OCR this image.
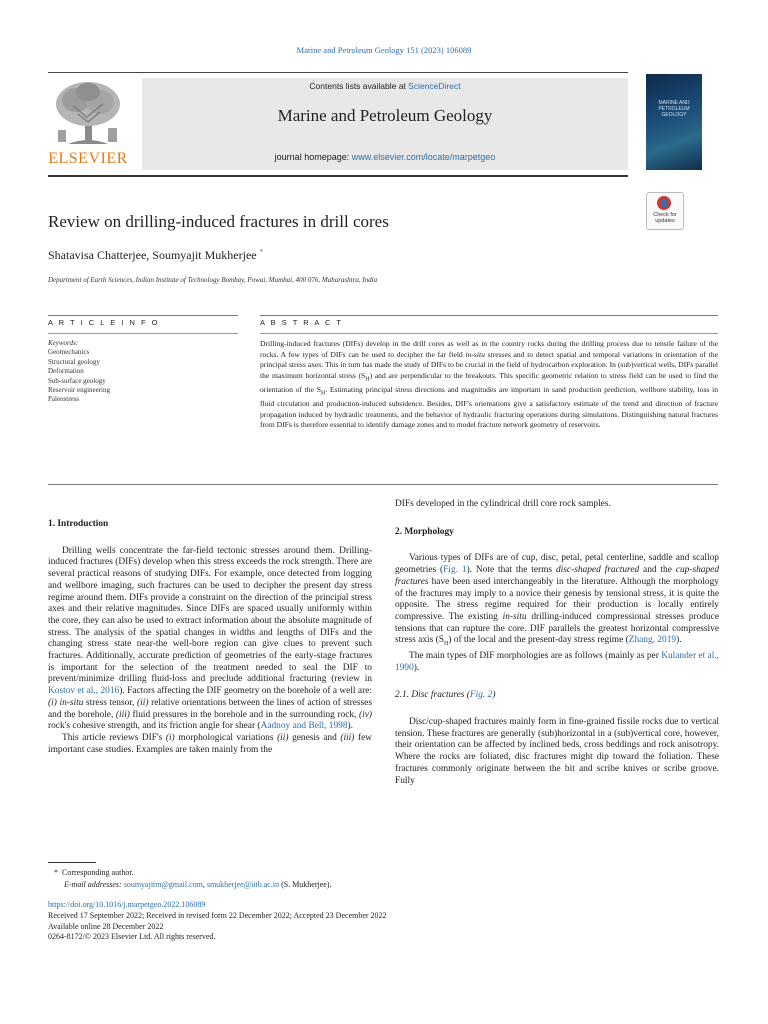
Marine and Petroleum Geology 151 (2023) 106089
ELSEVIER
Contents lists available at ScienceDirect
Marine and Petroleum Geology
journal homepage: www.elsevier.com/locate/marpetgeo
MARINE AND PETROLEUM GEOLOGY
Review on drilling-induced fractures in drill cores	Check for updates
Shatavisa Chatterjee, Soumyajit Mukherjee *
Department of Earth Sciences, Indian Institute of Technology Bombay, Powai, Mumbai, 400 076, Maharashtra, India
A R T I C L E I N F O	A B S T R A C T
Keywords:
Geomechanics
Structural geology
Deformation
Sub-surface geology
Reservoir engineering
Paleostress
Drilling-induced fractures (DIFs) develop in the drill cores as well as in the country rocks during the drilling process due to tensile failure of the rocks. A few types of DIFs can be used to decipher the far field in-situ stresses and to detect spatial and temporal variations in orientation of the principal stress axes. This in turn has made the study of DIFs to be crucial in the field of hydrocarbon exploration. In (sub)vertical wells, DIFs parallel the maximum horizontal stress $(S_H)$ and are perpendicular to the breakouts. This specific geometric relation to stress field can be used to find the orientation of the $S_H$. Estimating principal stress directions and magnitudes are important in sand production prediction, wellbore stability, loss in fluid circulation and production-induced subsidence. Besides, DIF's orientations give a satisfactory estimate of the trend and direction of fracture propagation induced by hydraulic treatments, and the behavior of hydraulic fracturing operations during simulations. Distinguishing natural fractures from DIFs is therefore essential to identify damage zones and to model fracture network geometry of reservoirs.
1. Introduction

Drilling wells concentrate the far-field tectonic stresses around them. Drilling-induced fractures (DIFs) develop when this stress exceeds the rock strength. There are several practical reasons of studying DIFs. For example, once detected from logging and wellbore imaging, such fractures can be used to decipher the present day stress regime around them. DIFs provide a constraint on the direction of the principal stress axes and their relative magnitudes. Since DIFs are spaced usually uniformly within the core, they can also be used to extract information about the absolute magnitude of stress. The analysis of the spatial changes in widths and lengths of DIFs and the changing stress state near-the well-bore region can give clues to prevent such fractures. Additionally, accurate prediction of geometries of the early-stage fractures is important for the selection of the treatment needed to seal the DIF to prevent/minimize drilling fluid-loss and preclude additional fracturing (review in Kostov et al., 2016). Factors affecting the DIF geometry on the borehole of a well are: (i) in-situ stress tensor, (ii) relative orientations between the lines of action of stresses and the borehole, (iii) fluid pressures in the borehole and in the surrounding rock, (iv) rock's cohesive strength, and its friction angle for shear (Aadnoy and Bell, 1998).

This article reviews DIF's (i) morphological variations (ii) genesis and (iii) few important case studies. Examples are taken mainly from the

DIFs developed in the cylindrical drill core rock samples.

2. Morphology

Various types of DIFs are of cup, disc, petal, petal centerline, saddle and scallop geometries (Fig. 1). Note that the terms disc-shaped fractured and the cup-shaped fractures have been used interchangeably in the literature. Although the morphology of the fractures may imply to a novice their genesis by tensional stress, it is quite the opposite. The stress regime required for their production is locally entirely compressive. The existing in-situ drilling-induced compressional stresses produce tensions that can rupture the core. DIF parallels the greatest horizontal compressive stress axis $(S_H)$ of the local and the present-day stress regime (Zhang, 2019).

The main types of DIF morphologies are as follows (mainly as per Kulander et al., 1990).

2.1. Disc fractures (Fig. 2)

Disc/cup-shaped fractures mainly form in fine-grained fissile rocks due to vertical tension. These fractures are generally (sub)horizontal in a (sub)vertical core, however, their orientation can be affected by inclined beds, cross beddings and rock anisotropy. Where the rocks are foliated, disc fractures might dip toward the foliation. These fractures commonly originate between the bit and scribe knives or scribe groove. Fully

* Corresponding author.
E-mail addresses: soumyajitm@gmail.com, smukherjee@iitb.ac.in (S. Mukherjee).
https://doi.org/10.1016/j.marpetgeo.2022.106089
Received 17 September 2022; Received in revised form 22 December 2022; Accepted 23 December 2022
Available online 28 December 2022
0264-8172/© 2023 Elsevier Ltd. All rights reserved.
